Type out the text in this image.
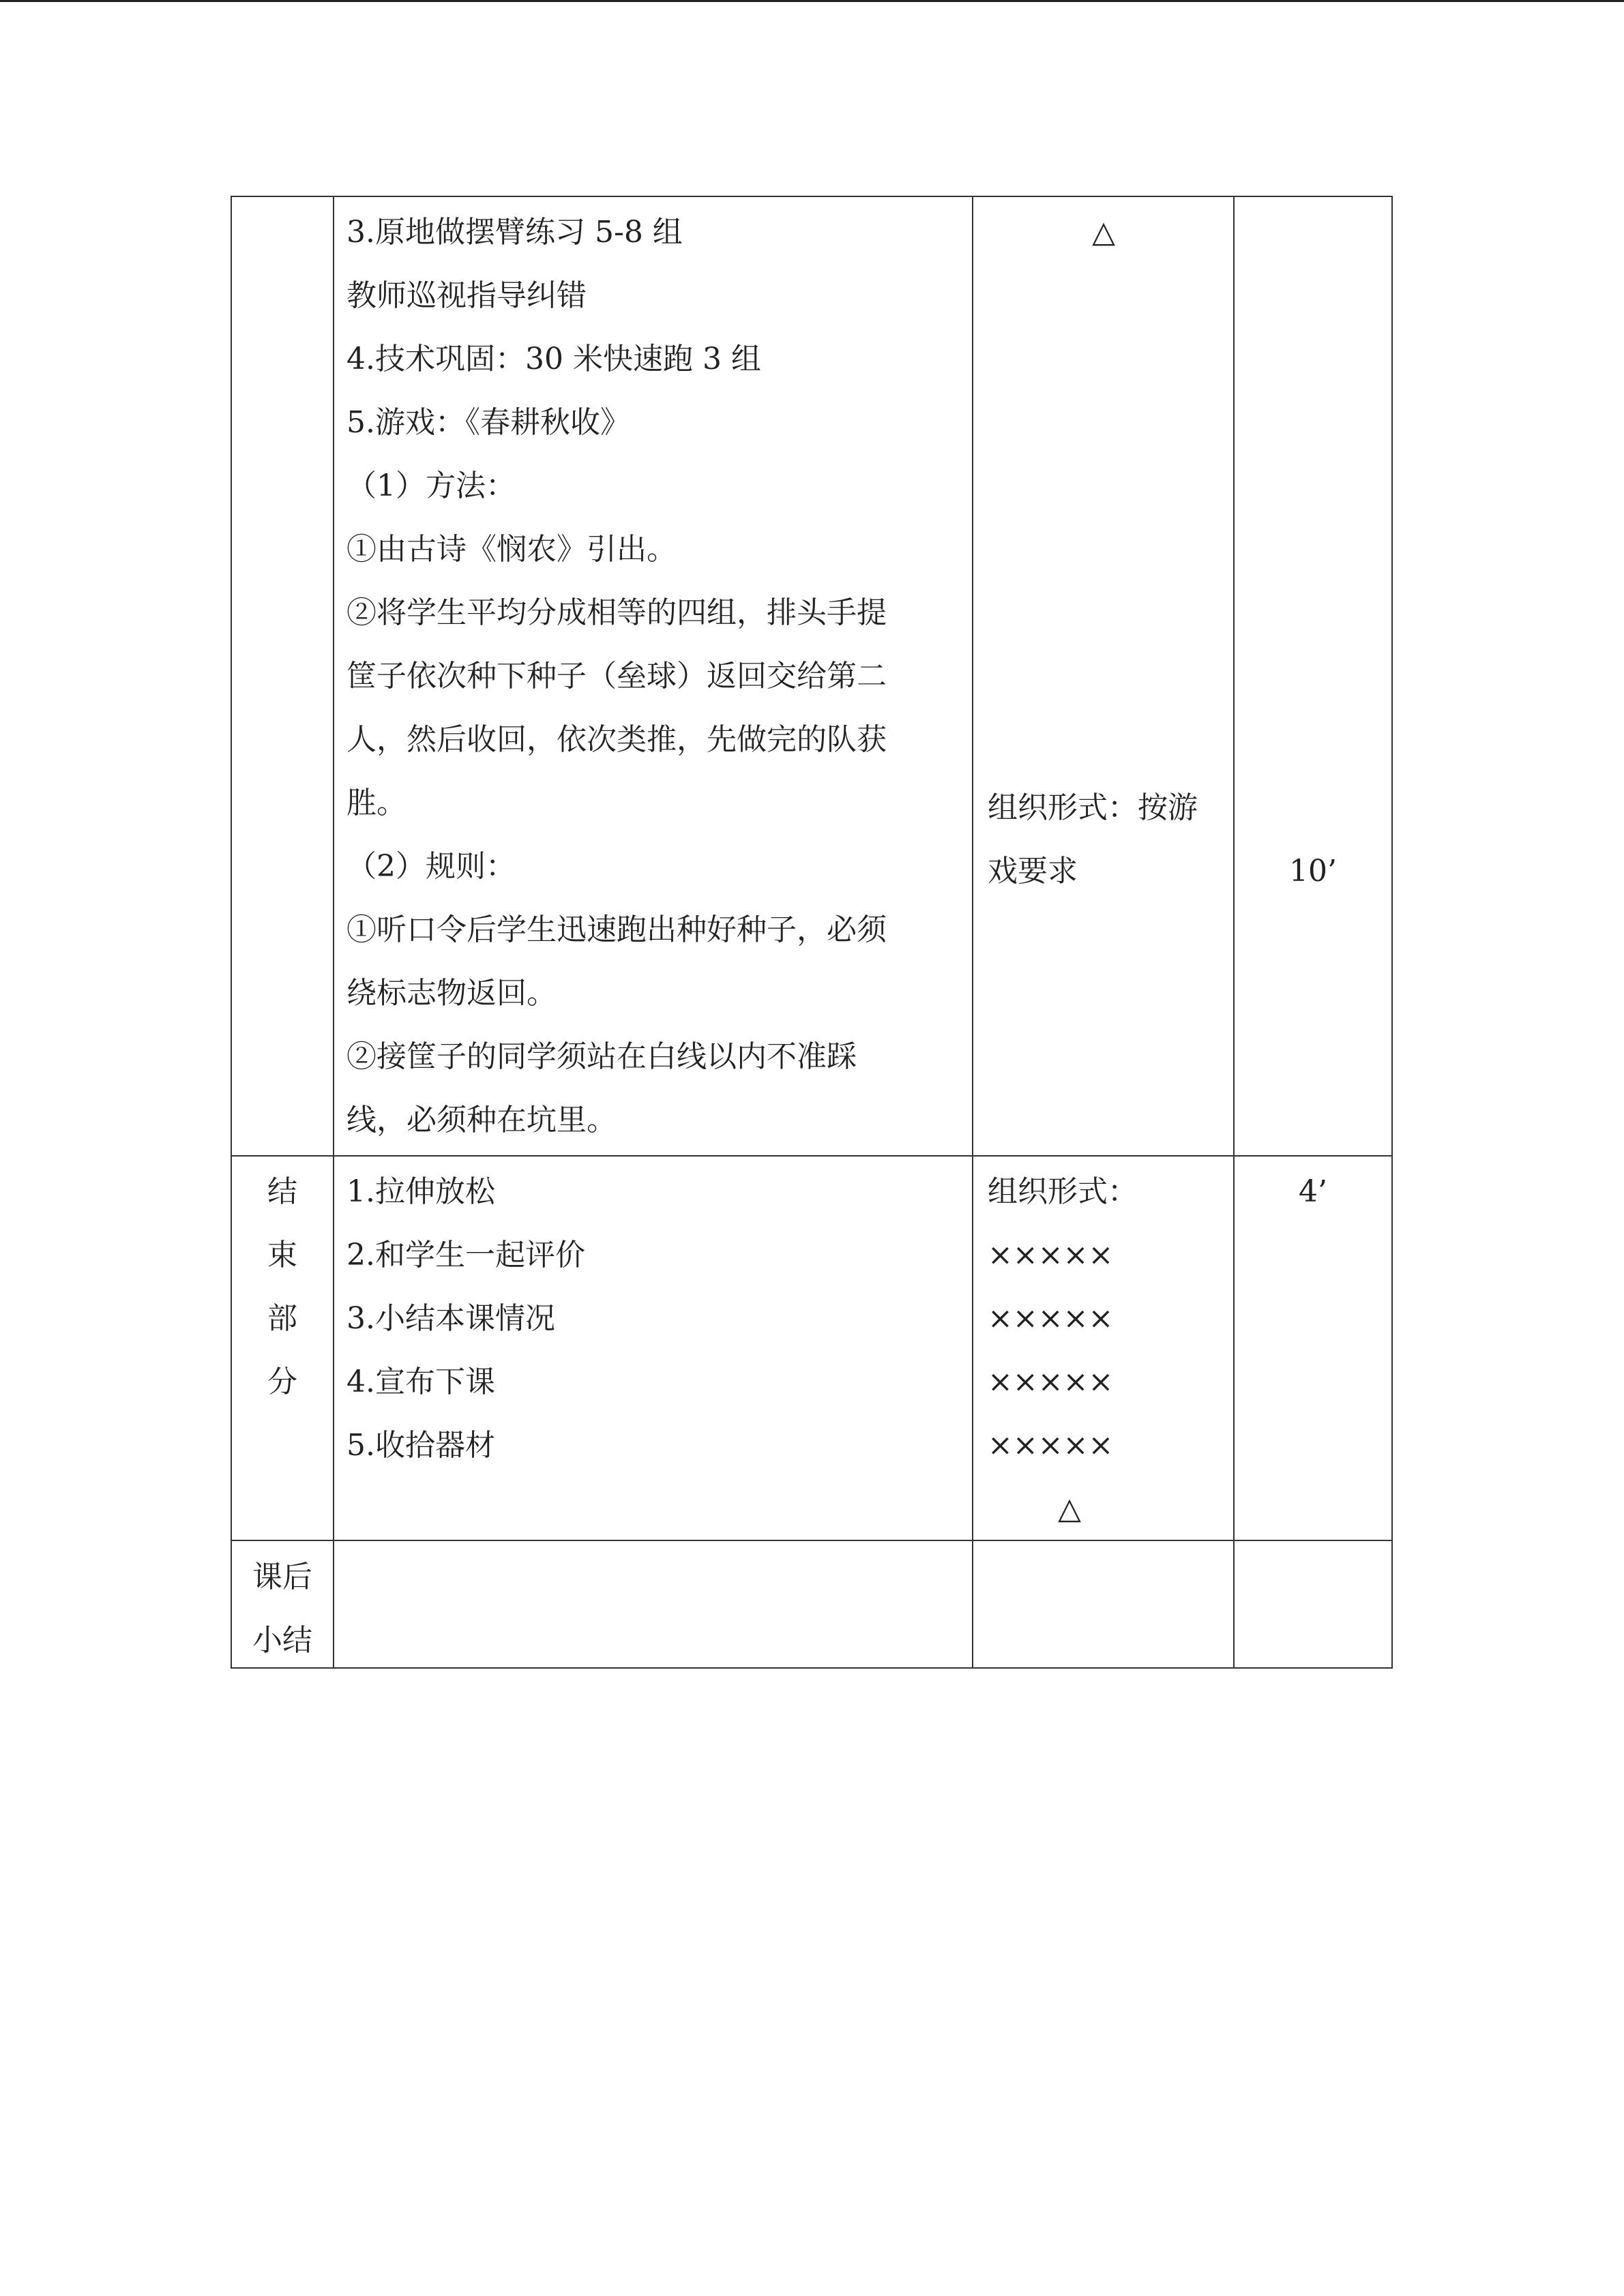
3.原地做摆臂练习 5-8 组
教师巡视指导纠错
4.技术巩固：30 米快速跑 3 组
5.游戏：《春耕秋收》
（1）方法：
①由古诗《悯农》引出。
②将学生平均分成相等的四组，排头手提
筐子依次种下种子（垒球）返回交给第二
人，然后收回，依次类推，先做完的队获
胜。
（2）规则：
①听口令后学生迅速跑出种好种子，必须
绕标志物返回。
②接筐子的同学须站在白线以内不准踩
线，必须种在坑里。
△
组织形式：按游
戏要求	10’
结
束
部
分
1.拉伸放松
2.和学生一起评价
3.小结本课情况
4.宣布下课
5.收拾器材
组织形式：
×××××
×××××
×××××
×××××
△
4’
课后
小结
